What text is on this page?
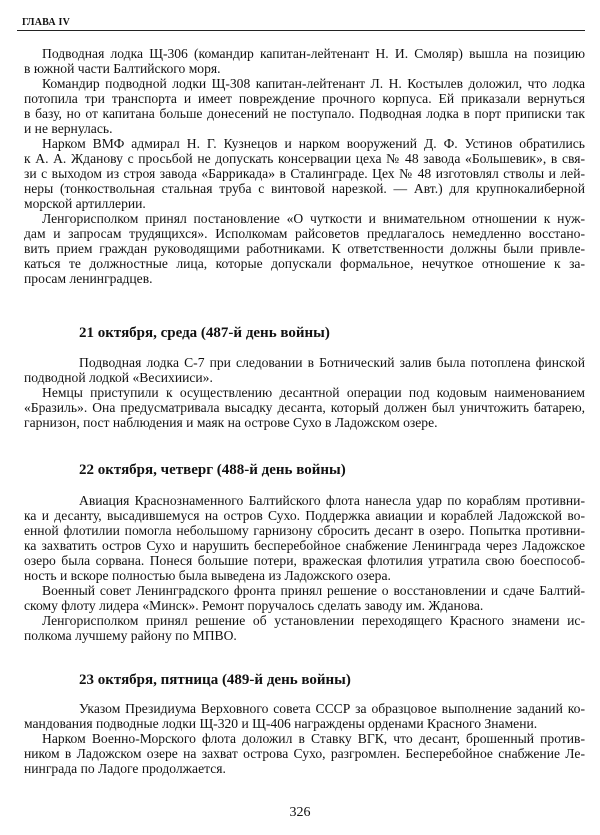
ГЛАВА IV
Подводная лодка Щ-306 (командир капитан-лейтенант Н. И. Смоляр) вышла на позицию
в южной части Балтийского моря.
Командир подводной лодки Щ-308 капитан-лейтенант Л. Н. Костылев доложил, что лодка
потопила три транспорта и имеет повреждение прочного корпуса. Ей приказали вернуться
в базу, но от капитана больше донесений не поступало. Подводная лодка в порт приписки так
и не вернулась.
Нарком ВМФ адмирал Н. Г. Кузнецов и нарком вооружений Д. Ф. Устинов обратились
к А. А. Жданову с просьбой не допускать консервации цеха № 48 завода «Большевик», в свя-
зи с выходом из строя завода «Баррикада» в Сталинграде. Цех № 48 изготовлял стволы и лей-
неры (тонкоствольная стальная труба с винтовой нарезкой. — Авт.) для крупнокалиберной
морской артиллерии.
Ленгорисполком принял постановление «О чуткости и внимательном отношении к нуж-
дам и запросам трудящихся». Исполкомам райсоветов предлагалось немедленно восстано-
вить прием граждан руководящими работниками. К ответственности должны были привле-
каться те должностные лица, которые допускали формальное, нечуткое отношение к за-
просам ленинградцев.
21 октября, среда (487-й день войны)
Подводная лодка С-7 при следовании в Ботнический залив была потоплена финской
подводной лодкой «Весихииси».
Немцы приступили к осуществлению десантной операции под кодовым наименованием
«Бразиль». Она предусматривала высадку десанта, который должен был уничтожить батарею,
гарнизон, пост наблюдения и маяк на острове Сухо в Ладожском озере.
22 октября, четверг (488-й день войны)
Авиация Краснознаменного Балтийского флота нанесла удар по кораблям противни-
ка и десанту, высадившемуся на остров Сухо. Поддержка авиации и кораблей Ладожской во-
енной флотилии помогла небольшому гарнизону сбросить десант в озеро. Попытка противни-
ка захватить остров Сухо и нарушить бесперебойное снабжение Ленинграда через Ладожское
озеро была сорвана. Понеся большие потери, вражеская флотилия утратила свою боеспособ-
ность и вскоре полностью была выведена из Ладожского озера.
Военный совет Ленинградского фронта принял решение о восстановлении и сдаче Балтий-
скому флоту лидера «Минск». Ремонт поручалось сделать заводу им. Жданова.
Ленгорисполком принял решение об установлении переходящего Красного знамени ис-
полкома лучшему району по МПВО.
23 октября, пятница (489-й день войны)
Указом Президиума Верховного совета СССР за образцовое выполнение заданий ко-
мандования подводные лодки Щ-320 и Щ-406 награждены орденами Красного Знамени.
Нарком Военно-Морского флота доложил в Ставку ВГК, что десант, брошенный против-
ником в Ладожском озере на захват острова Сухо, разгромлен. Бесперебойное снабжение Ле-
нинграда по Ладоге продолжается.
326
